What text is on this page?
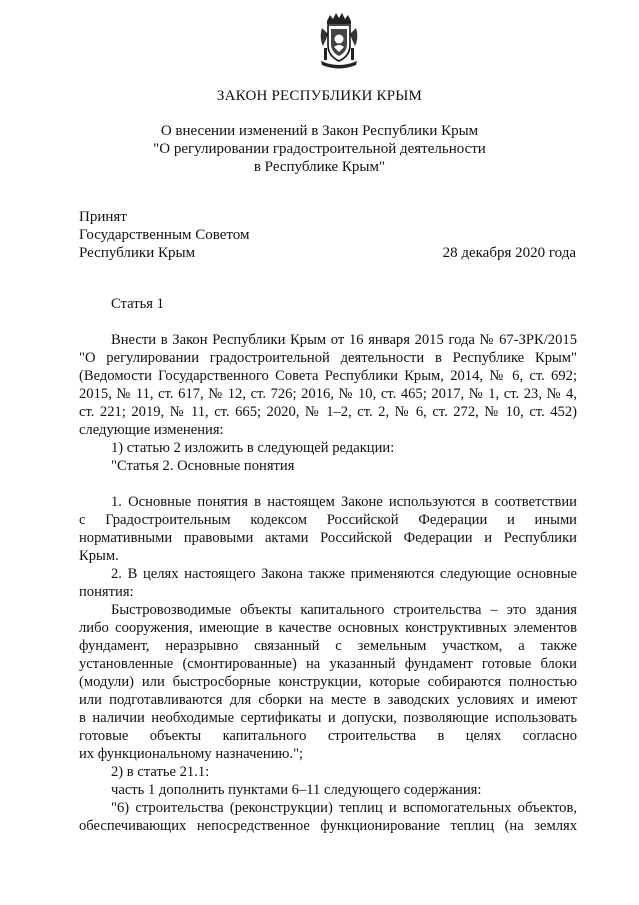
ЗАКОН РЕСПУБЛИКИ КРЫМ
О внесении изменений в Закон Республики Крым
"О регулировании градостроительной деятельности
в Республике Крым"
Принят
Государственным Советом
Республики Крым	28 декабря 2020 года

Статья 1

Внести в Закон Республики Крым от 16 января 2015 года № 67-ЗРК/2015
"О регулировании градостроительной деятельности в Республике Крым"
(Ведомости Государственного Совета Республики Крым, 2014, № 6, ст. 692;
2015, № 11, ст. 617, № 12, ст. 726; 2016, № 10, ст. 465; 2017, № 1, ст. 23, № 4,
ст. 221; 2019, № 11, ст. 665; 2020, № 1–2, ст. 2, № 6, ст. 272, № 10, ст. 452)
следующие изменения:
1) статью 2 изложить в следующей редакции:
"Статья 2. Основные понятия
1. Основные понятия в настоящем Законе используются в соответствии
с Градостроительным кодексом Российской Федерации и иными
нормативными правовыми актами Российской Федерации и Республики
Крым.
2. В целях настоящего Закона также применяются следующие основные
понятия:
Быстровозводимые объекты капитального строительства – это здания
либо сооружения, имеющие в качестве основных конструктивных элементов
фундамент, неразрывно связанный с земельным участком, а также
установленные (смонтированные) на указанный фундамент готовые блоки
(модули) или быстросборные конструкции, которые собираются полностью
или подготавливаются для сборки на месте в заводских условиях и имеют
в наличии необходимые сертификаты и допуски, позволяющие использовать
готовые объекты капитального строительства в целях согласно
их функциональному назначению.";
2) в статье 21.1:
часть 1 дополнить пунктами 6–11 следующего содержания:
"6) строительства (реконструкции) теплиц и вспомогательных объектов,
обеспечивающих непосредственное функционирование теплиц (на землях
